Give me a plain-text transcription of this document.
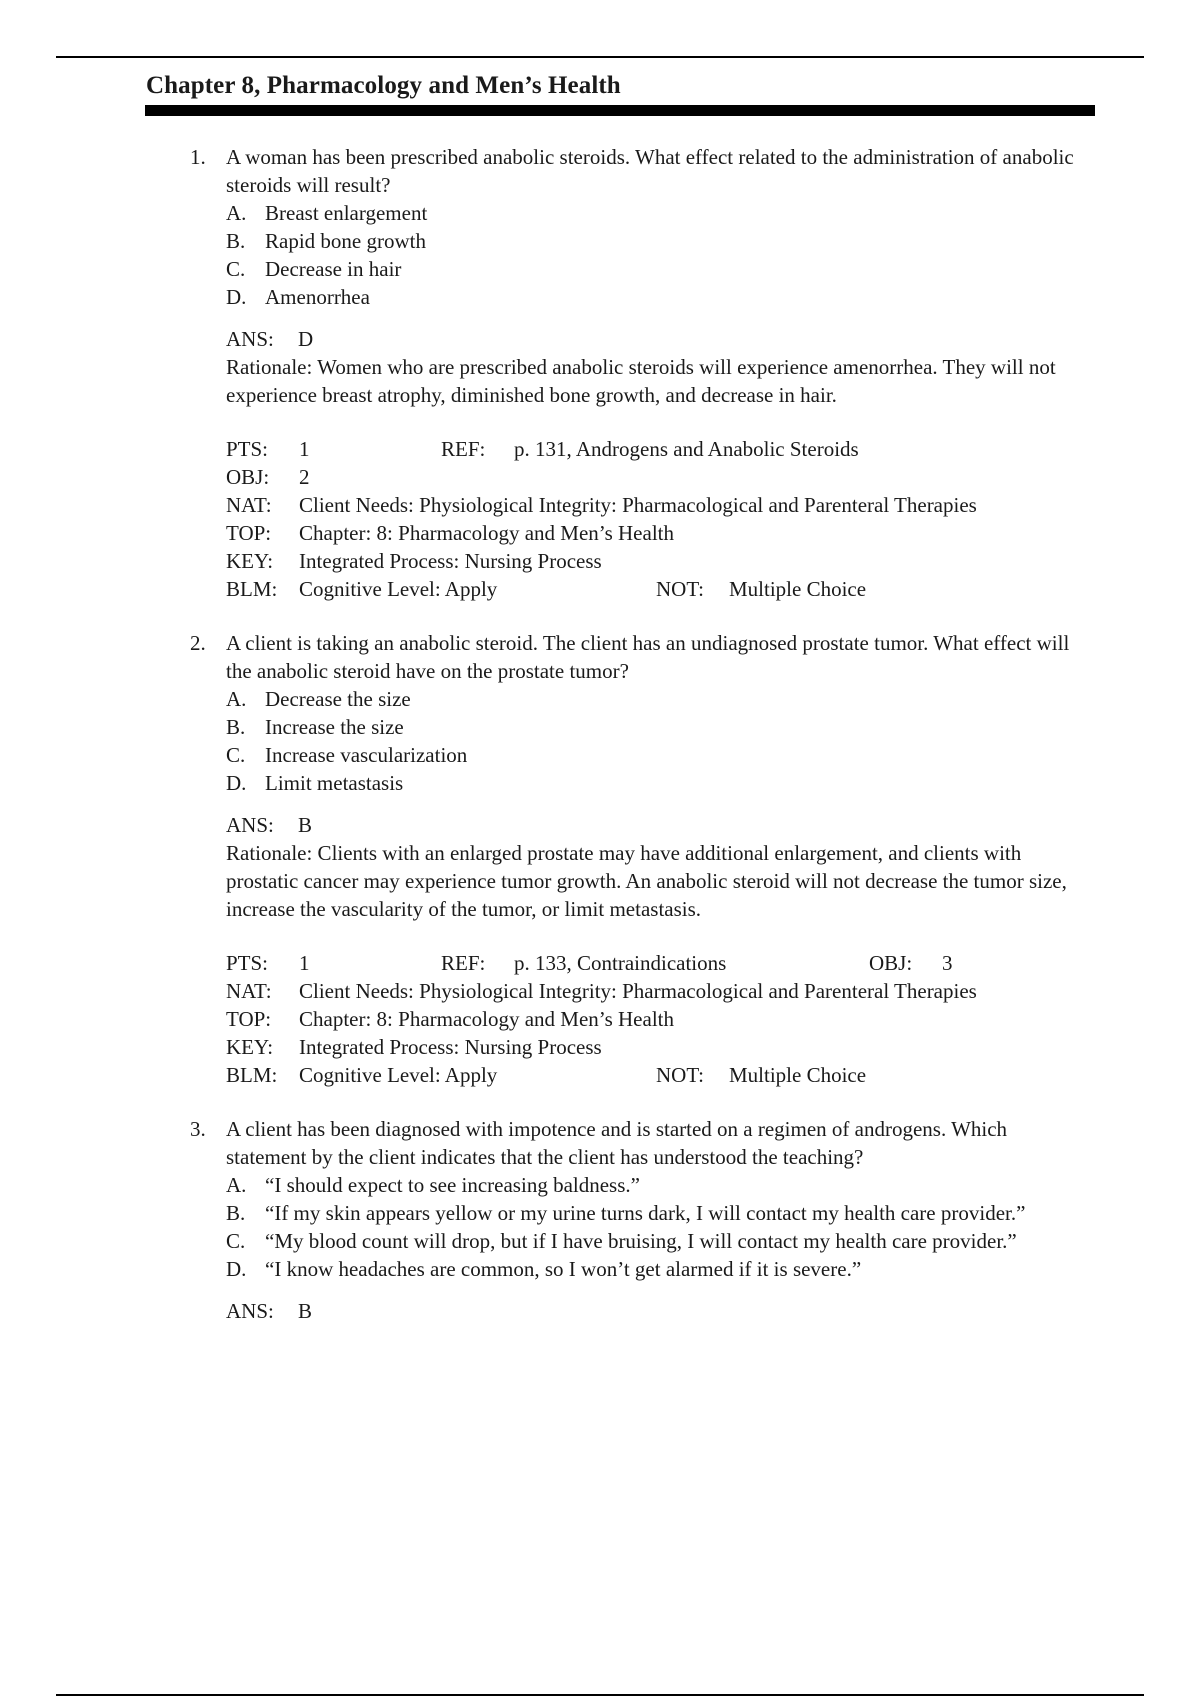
Chapter 8, Pharmacology and Men’s Health
1. A woman has been prescribed anabolic steroids. What effect related to the administration of anabolic steroids will result?

A. Breast enlargement
B. Rapid bone growth
C. Decrease in hair
D. Amenorrhea
ANS: D

Rationale: Women who are prescribed anabolic steroids will experience amenorrhea. They will not experience breast atrophy, diminished bone growth, and decrease in hair.

PTS:	1	REF:	p. 131, Androgens and Anabolic Steroids
OBJ:	2
NAT:	Client Needs: Physiological Integrity: Pharmacological and Parenteral Therapies
TOP:	Chapter: 8: Pharmacology and Men’s Health
KEY:	Integrated Process: Nursing Process
BLM:	Cognitive Level: Apply	NOT:	Multiple Choice
2. A client is taking an anabolic steroid. The client has an undiagnosed prostate tumor. What effect will the anabolic steroid have on the prostate tumor?

A. Decrease the size
B. Increase the size
C. Increase vascularization
D. Limit metastasis
ANS: B

Rationale: Clients with an enlarged prostate may have additional enlargement, and clients with prostatic cancer may experience tumor growth. An anabolic steroid will not decrease the tumor size, increase the vascularity of the tumor, or limit metastasis.

PTS:	1	REF:	p. 133, Contraindications	OBJ:	3
NAT:	Client Needs: Physiological Integrity: Pharmacological and Parenteral Therapies
TOP:	Chapter: 8: Pharmacology and Men’s Health
KEY:	Integrated Process: Nursing Process
BLM:	Cognitive Level: Apply	NOT:	Multiple Choice
3. A client has been diagnosed with impotence and is started on a regimen of androgens. Which statement by the client indicates that the client has understood the teaching?

A. “I should expect to see increasing baldness.”
B. “If my skin appears yellow or my urine turns dark, I will contact my health care provider.”
C. “My blood count will drop, but if I have bruising, I will contact my health care provider.”
D. “I know headaches are common, so I won’t get alarmed if it is severe.”
ANS: B
